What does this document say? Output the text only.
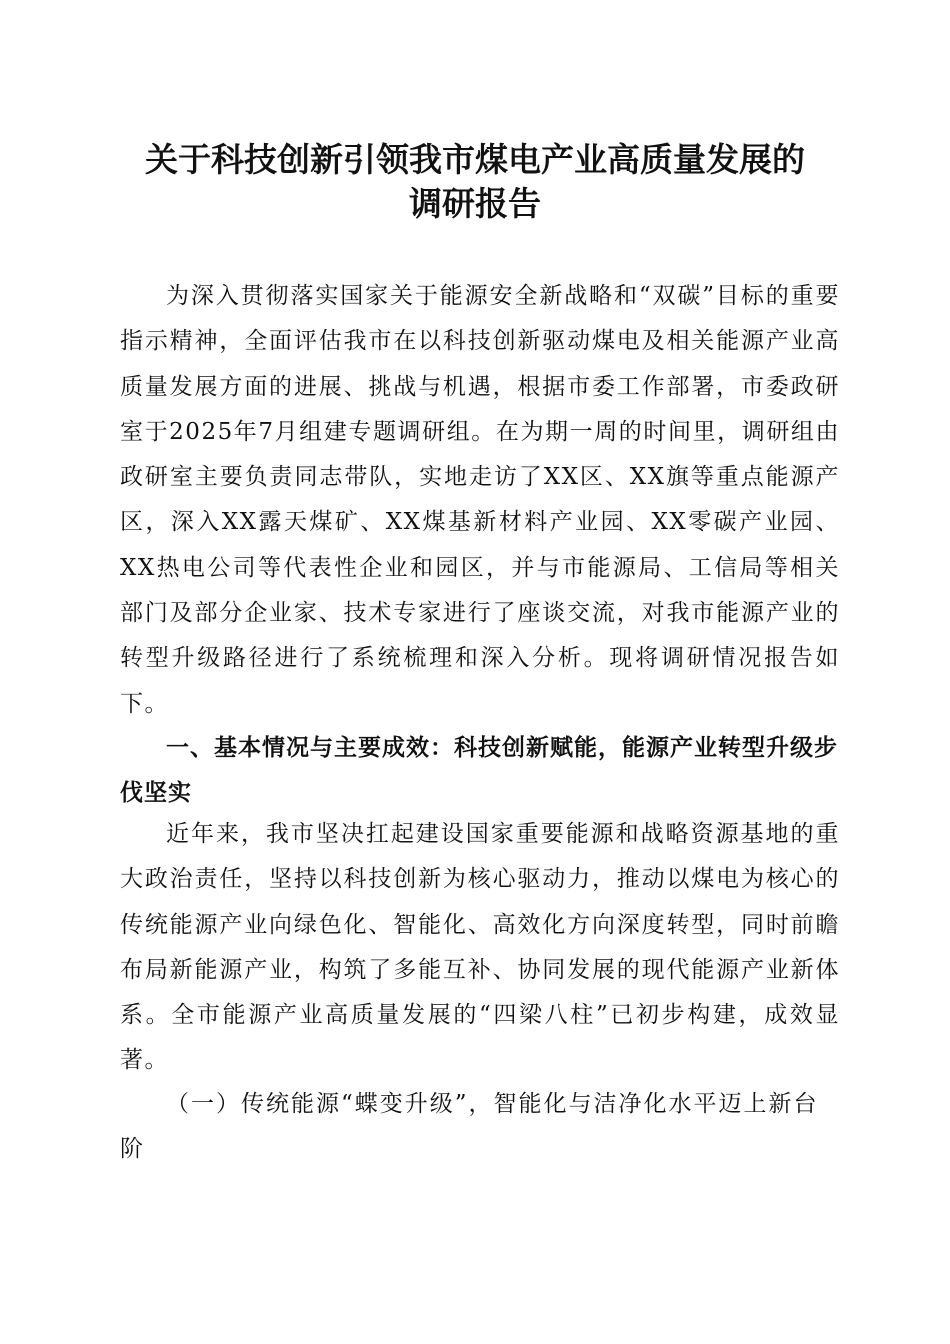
关于科技创新引领我市煤电产业高质量发展的
调研报告
为深入贯彻落实国家关于能源安全新战略和“双碳”目标的重要指示精神，全面评估我市在以科技创新驱动煤电及相关能源产业高质量发展方面的进展、挑战与机遇，根据市委工作部署，市委政研室于2025年7月组建专题调研组。在为期一周的时间里，调研组由政研室主要负责同志带队，实地走访了XX区、XX旗等重点能源产区，深入XX露天煤矿、XX煤基新材料产业园、XX零碳产业园、XX热电公司等代表性企业和园区，并与市能源局、工信局等相关部门及部分企业家、技术专家进行了座谈交流，对我市能源产业的转型升级路径进行了系统梳理和深入分析。现将调研情况报告如下。
一、基本情况与主要成效：科技创新赋能，能源产业转型升级步伐坚实
近年来，我市坚决扛起建设国家重要能源和战略资源基地的重大政治责任，坚持以科技创新为核心驱动力，推动以煤电为核心的传统能源产业向绿色化、智能化、高效化方向深度转型，同时前瞻布局新能源产业，构筑了多能互补、协同发展的现代能源产业新体系。全市能源产业高质量发展的“四梁八柱”已初步构建，成效显著。
（一）传统能源“蝶变升级”，智能化与洁净化水平迈上新台阶
